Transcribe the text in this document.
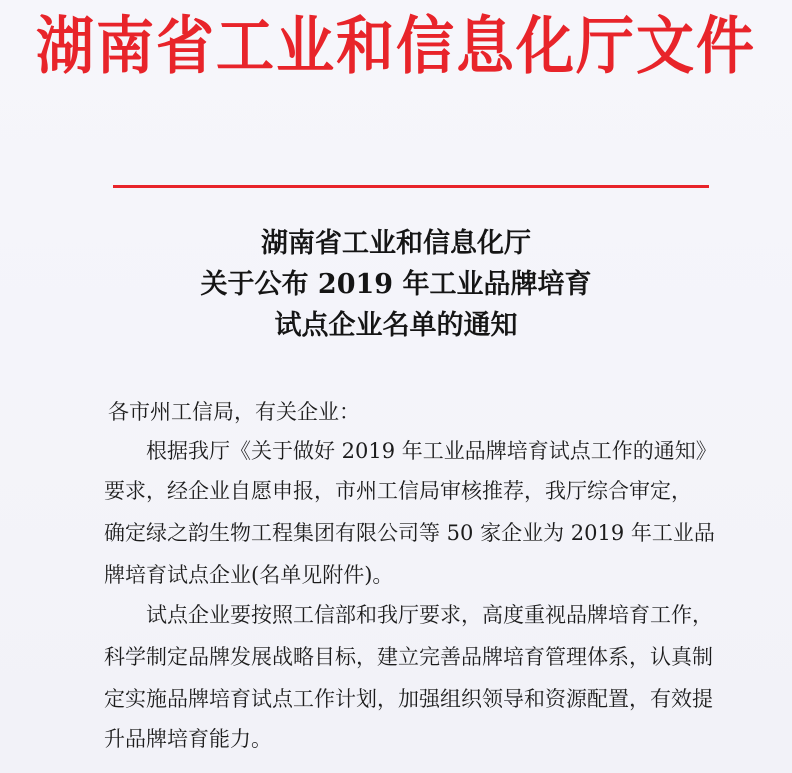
湖南省工业和信息化厅文件
湖南省工业和信息化厅
关于公布 2019 年工业品牌培育
试点企业名单的通知
各市州工信局，有关企业：
根据我厅《关于做好 2019 年工业品牌培育试点工作的通知》
要求，经企业自愿申报，市州工信局审核推荐，我厅综合审定，
确定绿之韵生物工程集团有限公司等 50 家企业为 2019 年工业品
牌培育试点企业(名单见附件)。
试点企业要按照工信部和我厅要求，高度重视品牌培育工作，
科学制定品牌发展战略目标，建立完善品牌培育管理体系，认真制
定实施品牌培育试点工作计划，加强组织领导和资源配置，有效提
升品牌培育能力。
